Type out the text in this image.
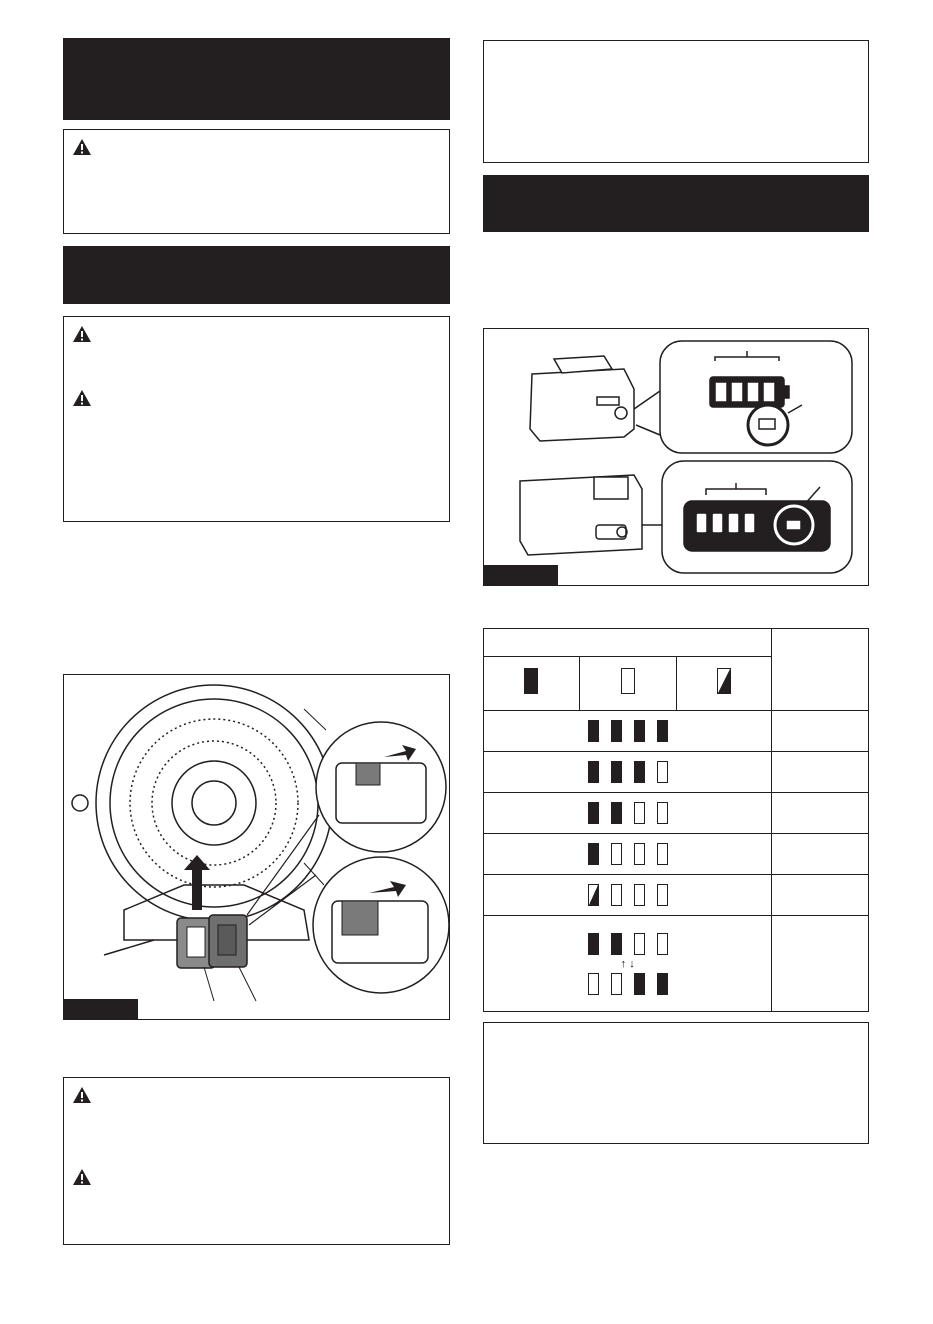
↑ ↓			
